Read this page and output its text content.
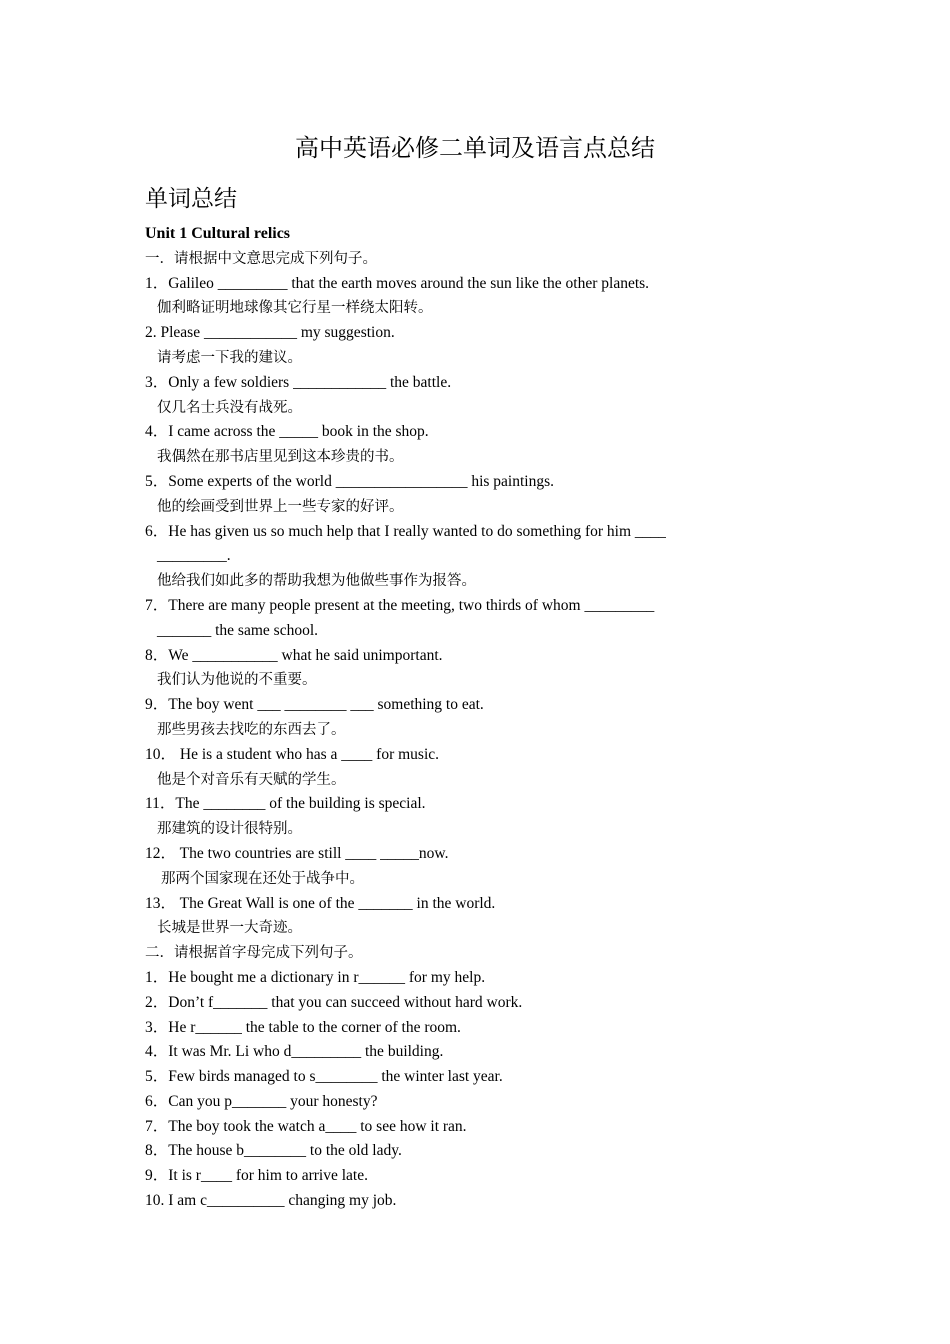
高中英语必修二单词及语言点总结
单词总结

Unit 1 Cultural relics

一．请根据中文意思完成下列句子。

1．Galileo _________ that the earth moves around the sun like the other planets.

伽利略证明地球像其它行星一样绕太阳转。

2. Please ____________ my suggestion.

请考虑一下我的建议。

3．Only a few soldiers ____________ the battle.

仅几名士兵没有战死。

4．I came across the _____ book in the shop.

我偶然在那书店里见到这本珍贵的书。

5．Some experts of the world _________________ his paintings.

他的绘画受到世界上一些专家的好评。

6．He has given us so much help that I really wanted to do something for him ____

_________.

他给我们如此多的帮助我想为他做些事作为报答。

7．There are many people present at the meeting, two thirds of whom _________

_______ the same school.

8．We ___________ what he said unimportant.

我们认为他说的不重要。

9．The boy went ___ ________ ___ something to eat.

那些男孩去找吃的东西去了。

10． He is a student who has a ____ for music.

他是个对音乐有天赋的学生。

11．The ________ of the building is special.

那建筑的设计很特别。

12． The two countries are still ____ _____now.

那两个国家现在还处于战争中。

13． The Great Wall is one of the _______ in the world.

长城是世界一大奇迹。

二．请根据首字母完成下列句子。

1．He bought me a dictionary in r______ for my help.

2．Don’t f_______ that you can succeed without hard work.

3．He r______ the table to the corner of the room.

4．It was Mr. Li who d_________ the building.

5．Few birds managed to s________ the winter last year.

6．Can you p_______ your honesty?

7．The boy took the watch a____ to see how it ran.

8．The house b________ to the old lady.

9．It is r____ for him to arrive late.

10. I am c__________ changing my job.
